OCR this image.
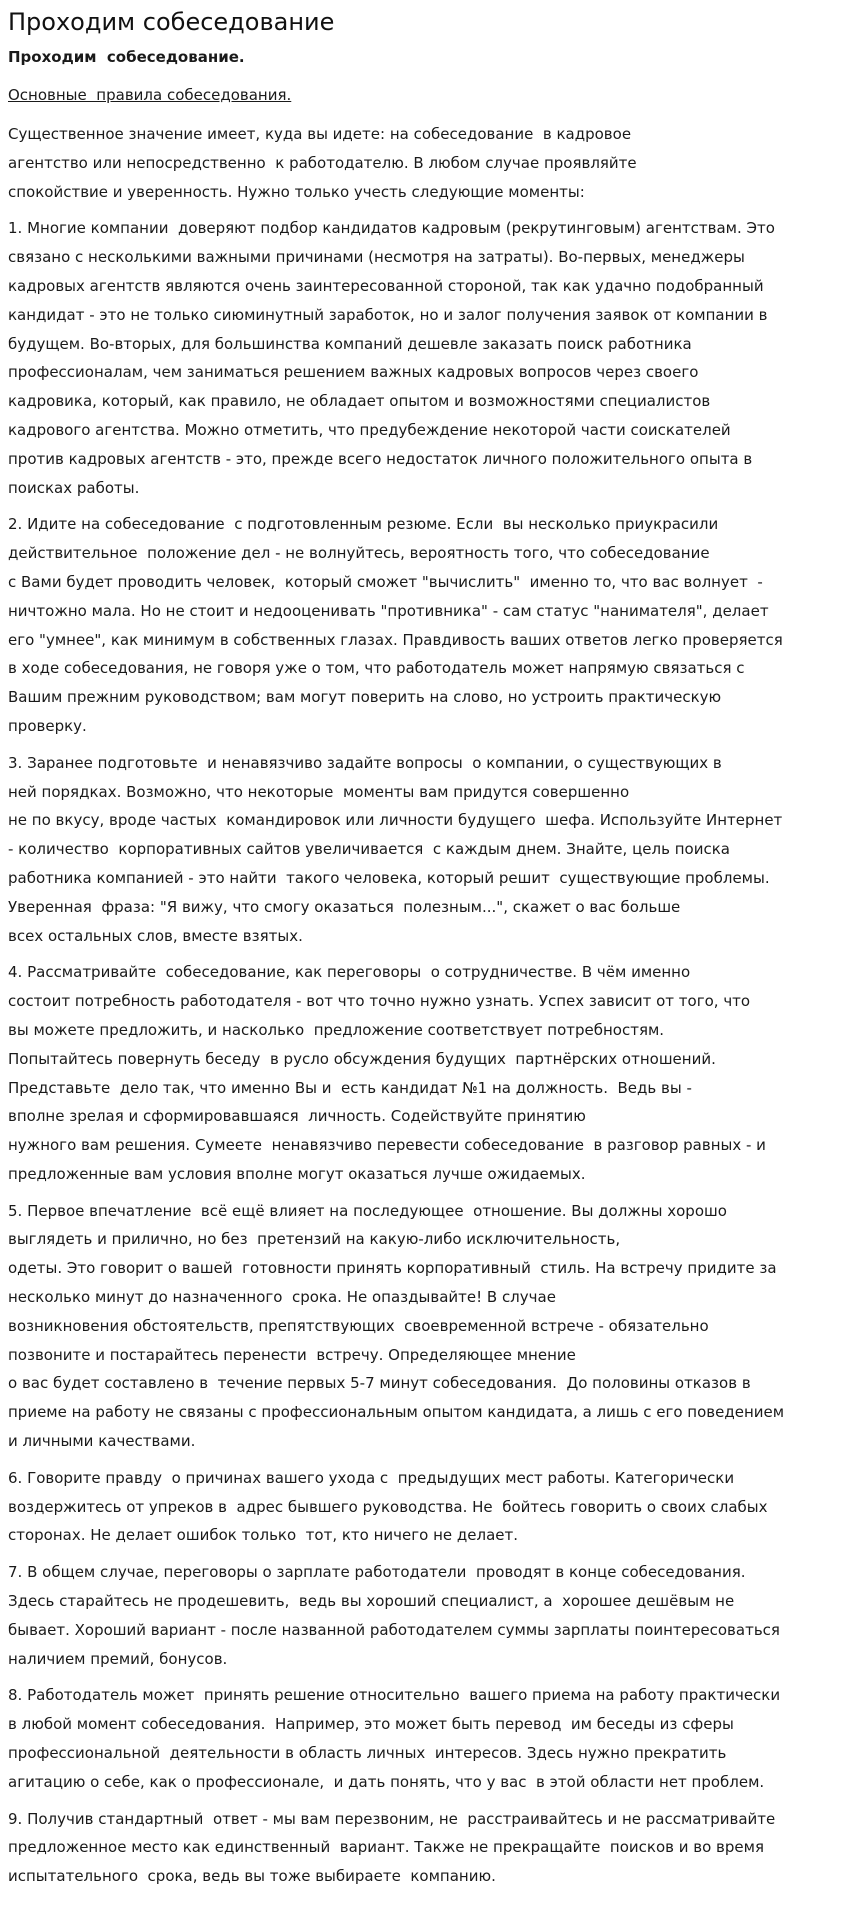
Проходим собеседование
Проходим  собеседование.
Основные  правила собеседования.

Существенное значение имеет, куда вы идете: на собеседование  в кадровое
агентство или непосредственно  к работодателю. В любом случае проявляйте
спокойствие и уверенность. Нужно только учесть следующие моменты:

1. Многие компании  доверяют подбор кандидатов кадровым (рекрутинговым) агентствам. Это
связано с несколькими важными причинами (несмотря на затраты). Во-первых, менеджеры
кадровых агентств являются очень заинтересованной стороной, так как удачно подобранный
кандидат - это не только сиюминутный заработок, но и залог получения заявок от компании в
будущем. Во-вторых, для большинства компаний дешевле заказать поиск работника
профессионалам, чем заниматься решением важных кадровых вопросов через своего
кадровика, который, как правило, не обладает опытом и возможностями специалистов
кадрового агентства. Можно отметить, что предубеждение некоторой части соискателей
против кадровых агентств - это, прежде всего недостаток личного положительного опыта в
поисках работы.

2. Идите на собеседование  с подготовленным резюме. Если  вы несколько приукрасили
действительное  положение дел - не волнуйтесь, вероятность того, что собеседование
с Вами будет проводить человек,  который сможет "вычислить"  именно то, что вас волнует  -
ничтожно мала. Но не стоит и недооценивать "противника" - сам статус "нанимателя", делает
его "умнее", как минимум в собственных глазах. Правдивость ваших ответов легко проверяется
в ходе собеседования, не говоря уже о том, что работодатель может напрямую связаться с
Вашим прежним руководством; вам могут поверить на слово, но устроить практическую
проверку.

3. Заранее подготовьте  и ненавязчиво задайте вопросы  о компании, о существующих в
ней порядках. Возможно, что некоторые  моменты вам придутся совершенно
не по вкусу, вроде частых  командировок или личности будущего  шефа. Используйте Интернет
- количество  корпоративных сайтов увеличивается  с каждым днем. Знайте, цель поиска
работника компанией - это найти  такого человека, который решит  существующие проблемы.
Уверенная  фраза: "Я вижу, что смогу оказаться  полезным...", скажет о вас больше
всех остальных слов, вместе взятых.

4. Рассматривайте  собеседование, как переговоры  о сотрудничестве. В чём именно
состоит потребность работодателя - вот что точно нужно узнать. Успех зависит от того, что
вы можете предложить, и насколько  предложение соответствует потребностям.
Попытайтесь повернуть беседу  в русло обсуждения будущих  партнёрских отношений.
Представьте  дело так, что именно Вы и  есть кандидат №1 на должность.  Ведь вы -
вполне зрелая и сформировавшаяся  личность. Содействуйте принятию
нужного вам решения. Сумеете  ненавязчиво перевести собеседование  в разговор равных - и
предложенные вам условия вполне могут оказаться лучше ожидаемых.

5. Первое впечатление  всё ещё влияет на последующее  отношение. Вы должны хорошо
выглядеть и прилично, но без  претензий на какую-либо исключительность,
одеты. Это говорит о вашей  готовности принять корпоративный  стиль. На встречу придите за
несколько минут до назначенного  срока. Не опаздывайте! В случае
возникновения обстоятельств, препятствующих  своевременной встрече - обязательно
позвоните и постарайтесь перенести  встречу. Определяющее мнение
о вас будет составлено в  течение первых 5-7 минут собеседования.  До половины отказов в
приеме на работу не связаны с профессиональным опытом кандидата, а лишь с его поведением
и личными качествами.

6. Говорите правду  о причинах вашего ухода с  предыдущих мест работы. Категорически
воздержитесь от упреков в  адрес бывшего руководства. Не  бойтесь говорить о своих слабых
сторонах. Не делает ошибок только  тот, кто ничего не делает.

7. В общем случае, переговоры о зарплате работодатели  проводят в конце собеседования.
Здесь старайтесь не продешевить,  ведь вы хороший специалист, а  хорошее дешёвым не
бывает. Хороший вариант - после названной работодателем суммы зарплаты поинтересоваться
наличием премий, бонусов.

8. Работодатель может  принять решение относительно  вашего приема на работу практически
в любой момент собеседования.  Например, это может быть перевод  им беседы из сферы
профессиональной  деятельности в область личных  интересов. Здесь нужно прекратить
агитацию о себе, как о профессионале,  и дать понять, что у вас  в этой области нет проблем.

9. Получив стандартный  ответ - мы вам перезвоним, не  расстраивайтесь и не рассматривайте
предложенное место как единственный  вариант. Также не прекращайте  поисков и во время
испытательного  срока, ведь вы тоже выбираете  компанию.
